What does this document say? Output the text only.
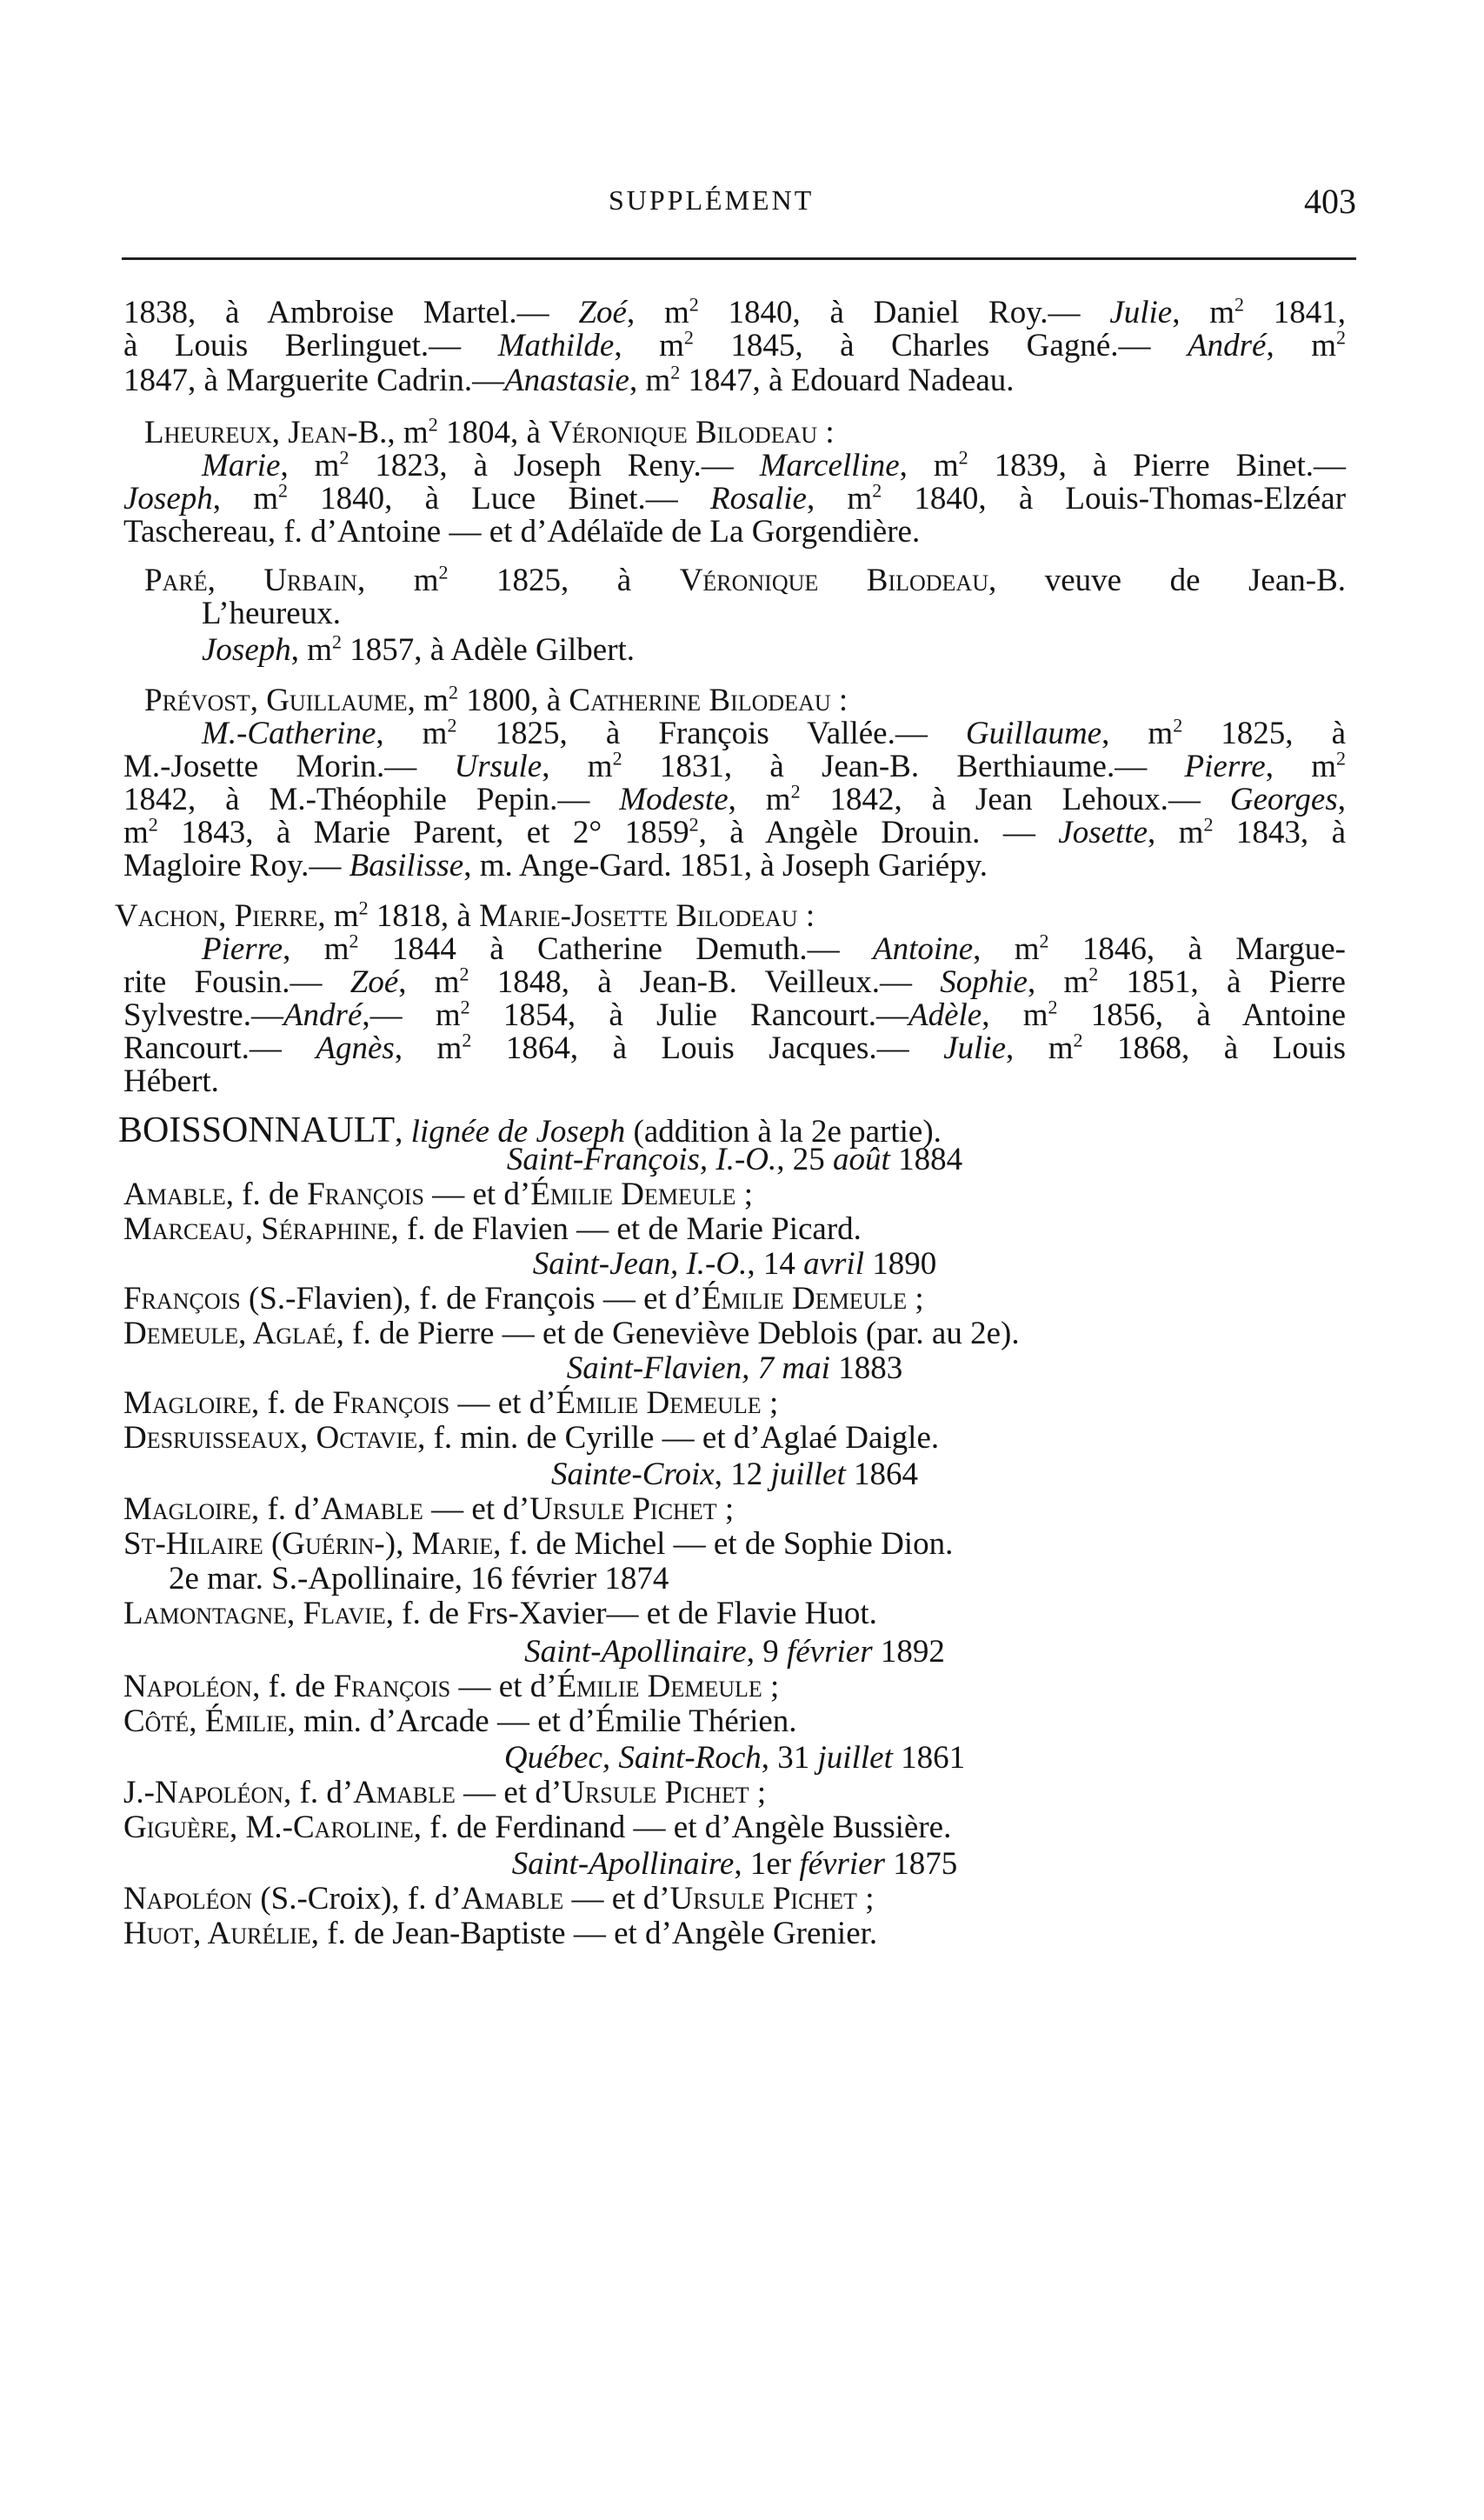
SUPPLÉMENT	403
1838, à Ambroise Martel.— Zoé, $m^2$ 1840, à Daniel Roy.— Julie, $m^2$ 1841,
à Louis Berlinguet.— Mathilde, $m^2$ 1845, à Charles Gagné.— André, $m^2$
1847, à Marguerite Cadrin.—Anastasie, $m^2$ 1847, à Edouard Nadeau.
Lheureux, Jean-B., $m^2$ 1804, à Véronique Bilodeau :
Marie, $m^2$ 1823, à Joseph Reny.— Marcelline, $m^2$ 1839, à Pierre Binet.—
Joseph, $m^2$ 1840, à Luce Binet.— Rosalie, $m^2$ 1840, à Louis-Thomas-Elzéar
Taschereau, f. d’Antoine — et d’Adélaïde de La Gorgendière.
Paré, Urbain, $m^2$ 1825, à Véronique Bilodeau, veuve de Jean-B.
L’heureux.
Joseph, $m^2$ 1857, à Adèle Gilbert.
Prévost, Guillaume, $m^2$ 1800, à Catherine Bilodeau :
M.-Catherine, $m^2$ 1825, à François Vallée.— Guillaume, $m^2$ 1825, à
M.-Josette Morin.— Ursule, $m^2$ 1831, à Jean-B. Berthiaume.— Pierre, $m^2$
1842, à M.-Théophile Pepin.— Modeste, $m^2$ 1842, à Jean Lehoux.— Georges,
$m^2$ 1843, à Marie Parent, et 2° 1859$^2$, à Angèle Drouin. — Josette, $m^2$ 1843, à
Magloire Roy.— Basilisse, m. Ange-Gard. 1851, à Joseph Gariépy.
Vachon, Pierre, $m^2$ 1818, à Marie-Josette Bilodeau :
Pierre, $m^2$ 1844 à Catherine Demuth.— Antoine, $m^2$ 1846, à Margue-
rite Fousin.— Zoé, $m^2$ 1848, à Jean-B. Veilleux.— Sophie, $m^2$ 1851, à Pierre
Sylvestre.—André,— $m^2$ 1854, à Julie Rancourt.—Adèle, $m^2$ 1856, à Antoine
Rancourt.— Agnès, $m^2$ 1864, à Louis Jacques.— Julie, $m^2$ 1868, à Louis
Hébert.
BOISSONNAULT, lignée de Joseph (addition à la 2e partie).
Saint-François, I.-O., 25 août 1884
Amable, f. de François — et d’Émilie Demeule ;
Marceau, Séraphine, f. de Flavien — et de Marie Picard.
Saint-Jean, I.-O., 14 avril 1890
François (S.-Flavien), f. de François — et d’Émilie Demeule ;
Demeule, Aglaé, f. de Pierre — et de Geneviève Deblois (par. au 2e).
Saint-Flavien, 7 mai 1883
Magloire, f. de François — et d’Émilie Demeule ;
Desruisseaux, Octavie, f. min. de Cyrille — et d’Aglaé Daigle.
Sainte-Croix, 12 juillet 1864
Magloire, f. d’Amable — et d’Ursule Pichet ;
St-Hilaire (Guérin-), Marie, f. de Michel — et de Sophie Dion.
2e mar. S.-Apollinaire, 16 février 1874
Lamontagne, Flavie, f. de Frs-Xavier— et de Flavie Huot.
Saint-Apollinaire, 9 février 1892
Napoléon, f. de François — et d’Émilie Demeule ;
Côté, Émilie, min. d’Arcade — et d’Émilie Thérien.
Québec, Saint-Roch, 31 juillet 1861
J.-Napoléon, f. d’Amable — et d’Ursule Pichet ;
Giguère, M.-Caroline, f. de Ferdinand — et d’Angèle Bussière.
Saint-Apollinaire, 1er février 1875
Napoléon (S.-Croix), f. d’Amable — et d’Ursule Pichet ;
Huot, Aurélie, f. de Jean-Baptiste — et d’Angèle Grenier.
